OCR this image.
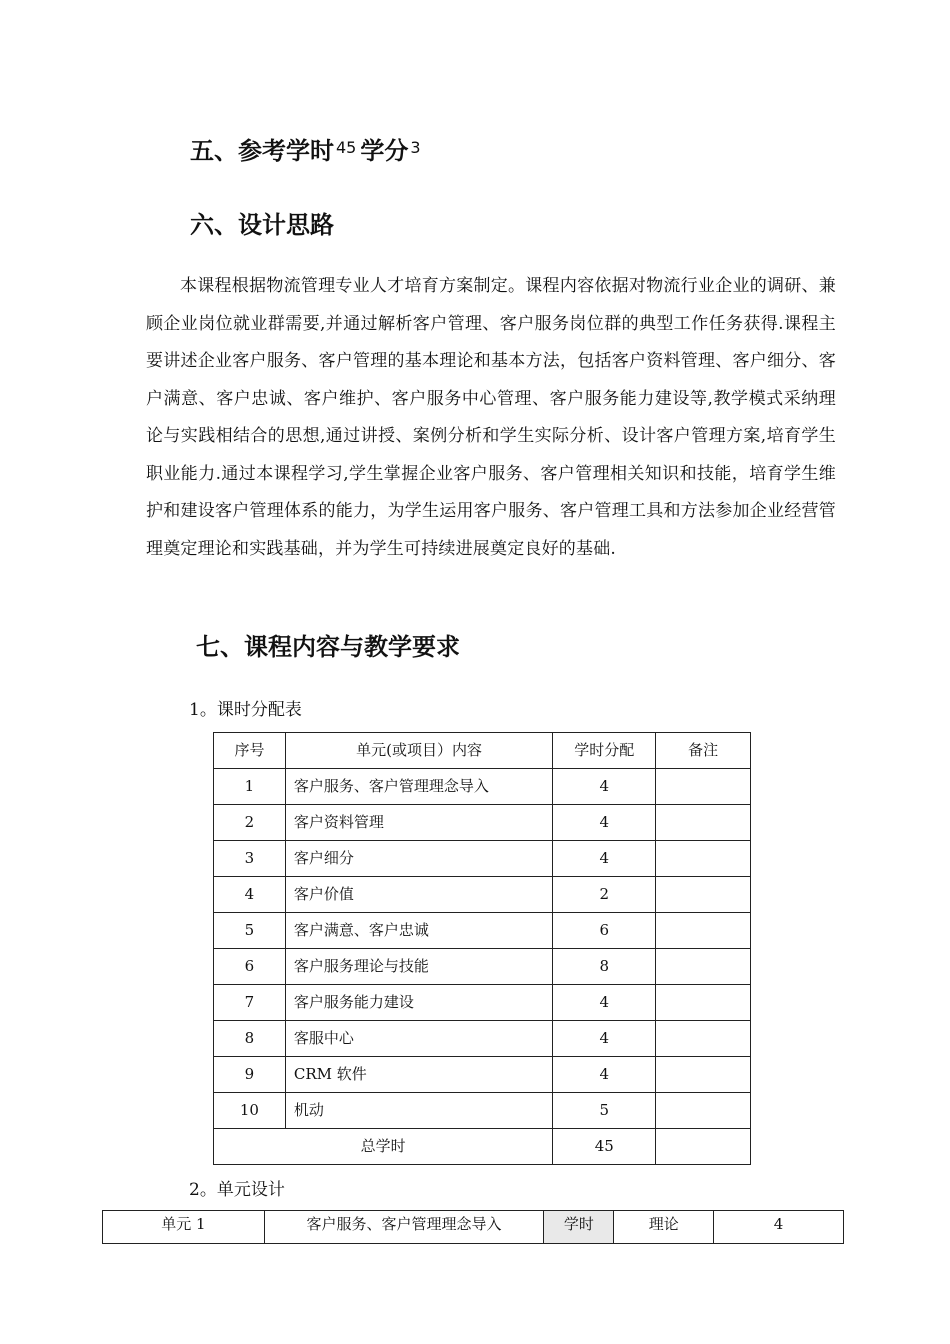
五、参考学时 $^{45}$ 学分 $^3$
六、设计思路

本课程根据物流管理专业人才培育方案制定。课程内容依据对物流行业企业的调研、兼顾企业岗位就业群需要,并通过解析客户管理、客户服务岗位群的典型工作任务获得.课程主要讲述企业客户服务、客户管理的基本理论和基本方法，包括客户资料管理、客户细分、客户满意、客户忠诚、客户维护、客户服务中心管理、客户服务能力建设等,教学模式采纳理论与实践相结合的思想,通过讲授、案例分析和学生实际分析、设计客户管理方案,培育学生职业能力.通过本课程学习,学生掌握企业客户服务、客户管理相关知识和技能，培育学生维护和建设客户管理体系的能力，为学生运用客户服务、客户管理工具和方法参加企业经营管理奠定理论和实践基础，并为学生可持续进展奠定良好的基础.

七、课程内容与教学要求
1。课时分配表
序号	单元(或项目）内容	学时分配	备注
1	客户服务、客户管理理念导入	4	
2	客户资料管理	4	
3	客户细分	4	
4	客户价值	2	
5	客户满意、客户忠诚	6	
6	客户服务理论与技能	8	
7	客户服务能力建设	4	
8	客服中心	4	
9	CRM 软件	4	
10	机动	5	
总学时		45	
2。单元设计
单元 1	客户服务、客户管理理念导入	学时	理论	4
